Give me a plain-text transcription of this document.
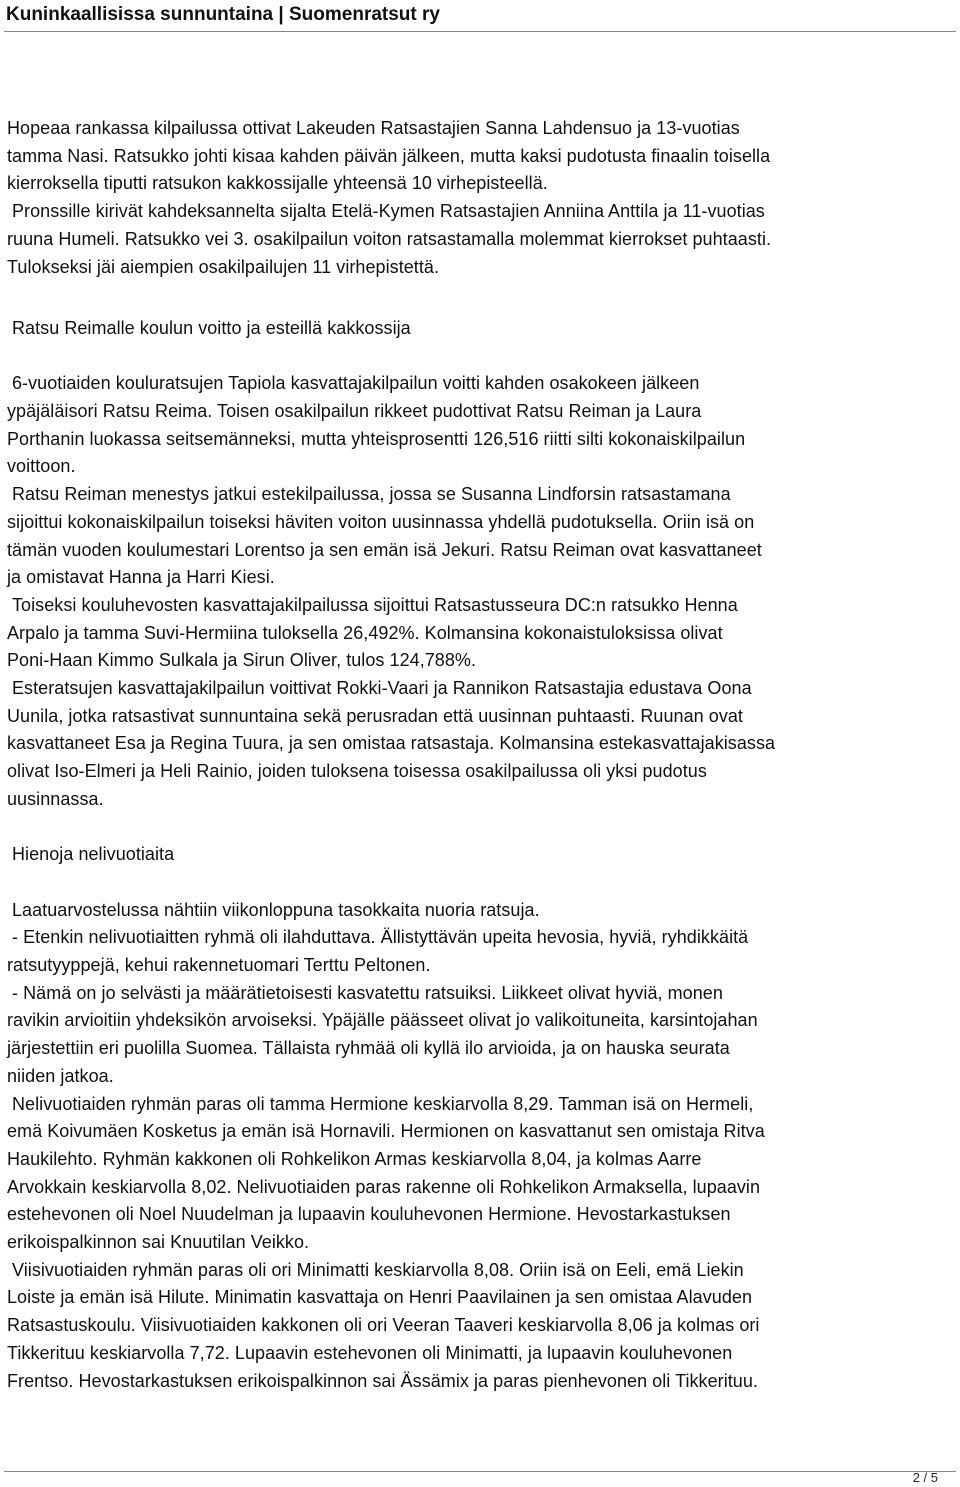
Kuninkaallisissa sunnuntaina | Suomenratsut ry
Hopeaa rankassa kilpailussa ottivat Lakeuden Ratsastajien Sanna Lahdensuo ja 13-vuotias
tamma Nasi. Ratsukko johti kisaa kahden päivän jälkeen, mutta kaksi pudotusta finaalin toisella
kierroksella tiputti ratsukon kakkossijalle yhteensä 10 virhepisteellä.
Pronssille kirivät kahdeksannelta sijalta Etelä-Kymen Ratsastajien Anniina Anttila ja 11-vuotias
ruuna Humeli. Ratsukko vei 3. osakilpailun voiton ratsastamalla molemmat kierrokset puhtaasti.
Tulokseksi jäi aiempien osakilpailujen 11 virhepistettä.
Ratsu Reimalle koulun voitto ja esteillä kakkossija
6-vuotiaiden kouluratsujen Tapiola kasvattajakilpailun voitti kahden osakokeen jälkeen
ypäjäläisori Ratsu Reima. Toisen osakilpailun rikkeet pudottivat Ratsu Reiman ja Laura
Porthanin luokassa seitsemänneksi, mutta yhteisprosentti 126,516 riitti silti kokonaiskilpailun
voittoon.
Ratsu Reiman menestys jatkui estekilpailussa, jossa se Susanna Lindforsin ratsastamana
sijoittui kokonaiskilpailun toiseksi häviten voiton uusinnassa yhdellä pudotuksella. Oriin isä on
tämän vuoden koulumestari Lorentso ja sen emän isä Jekuri. Ratsu Reiman ovat kasvattaneet
ja omistavat Hanna ja Harri Kiesi.
Toiseksi kouluhevosten kasvattajakilpailussa sijoittui Ratsastusseura DC:n ratsukko Henna
Arpalo ja tamma Suvi-Hermiina tuloksella 26,492%. Kolmansina kokonaistuloksissa olivat
Poni-Haan Kimmo Sulkala ja Sirun Oliver, tulos 124,788%.
Esteratsujen kasvattajakilpailun voittivat Rokki-Vaari ja Rannikon Ratsastajia edustava Oona
Uunila, jotka ratsastivat sunnuntaina sekä perusradan että uusinnan puhtaasti. Ruunan ovat
kasvattaneet Esa ja Regina Tuura, ja sen omistaa ratsastaja. Kolmansina estekasvattajakisassa
olivat Iso-Elmeri ja Heli Rainio, joiden tuloksena toisessa osakilpailussa oli yksi pudotus
uusinnassa.
Hienoja nelivuotiaita
Laatuarvostelussa nähtiin viikonloppuna tasokkaita nuoria ratsuja.
- Etenkin nelivuotiaitten ryhmä oli ilahduttava. Ällistyttävän upeita hevosia, hyviä, ryhdikkäitä
ratsutyyppejä, kehui rakennetuomari Terttu Peltonen.
- Nämä on jo selvästi ja määrätietoisesti kasvatettu ratsuiksi. Liikkeet olivat hyviä, monen
ravikin arvioitiin yhdeksikön arvoiseksi. Ypäjälle päässeet olivat jo valikoituneita, karsintojahan
järjestettiin eri puolilla Suomea. Tällaista ryhmää oli kyllä ilo arvioida, ja on hauska seurata
niiden jatkoa.
Nelivuotiaiden ryhmän paras oli tamma Hermione keskiarvolla 8,29. Tamman isä on Hermeli,
emä Koivumäen Kosketus ja emän isä Hornavili. Hermionen on kasvattanut sen omistaja Ritva
Haukilehto. Ryhmän kakkonen oli Rohkelikon Armas keskiarvolla 8,04, ja kolmas Aarre
Arvokkain keskiarvolla 8,02. Nelivuotiaiden paras rakenne oli Rohkelikon Armaksella, lupaavin
estehevonen oli Noel Nuudelman ja lupaavin kouluhevonen Hermione. Hevostarkastuksen
erikoispalkinnon sai Knuutilan Veikko.
Viisivuotiaiden ryhmän paras oli ori Minimatti keskiarvolla 8,08. Oriin isä on Eeli, emä Liekin
Loiste ja emän isä Hilute. Minimatin kasvattaja on Henri Paavilainen ja sen omistaa Alavuden
Ratsastuskoulu. Viisivuotiaiden kakkonen oli ori Veeran Taaveri keskiarvolla 8,06 ja kolmas ori
Tikkerituu keskiarvolla 7,72. Lupaavin estehevonen oli Minimatti, ja lupaavin kouluhevonen
Frentso. Hevostarkastuksen erikoispalkinnon sai Ässämix ja paras pienhevonen oli Tikkerituu.
2 / 5
